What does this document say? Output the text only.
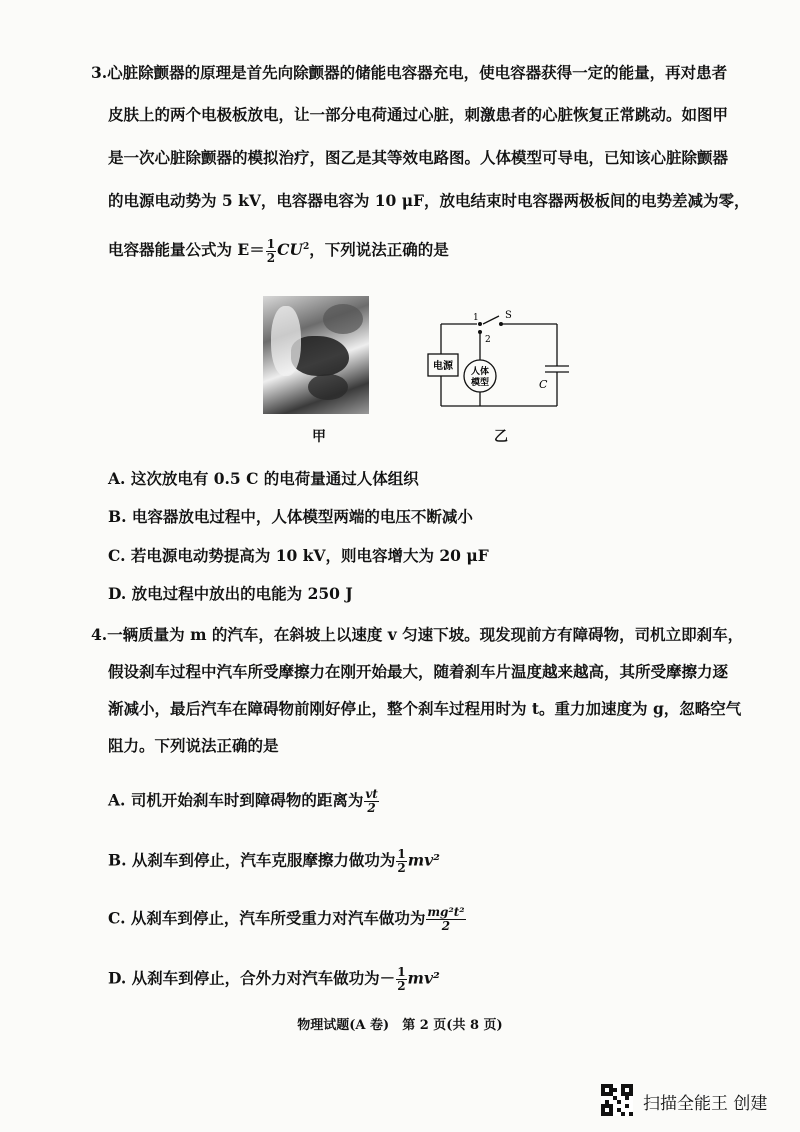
3.心脏除颤器的原理是首先向除颤器的储能电容器充电，使电容器获得一定的能量，再对患者
皮肤上的两个电极板放电，让一部分电荷通过心脏，刺激患者的心脏恢复正常跳动。如图甲
是一次心脏除颤器的模拟治疗，图乙是其等效电路图。人体模型可导电，已知该心脏除颤器
的电源电动势为 5 kV，电容器电容为 10 μF，放电结束时电容器两极板间的电势差减为零，
电容器能量公式为 $E= \frac{1}{2} CU^2$，下列说法正确的是
甲
电源 人体
模型	C
S
1
2
乙
A. 这次放电有 0.5 C 的电荷量通过人体组织
B. 电容器放电过程中，人体模型两端的电压不断减小
C. 若电源电动势提高为 10 kV，则电容增大为 20 μF
D. 放电过程中放出的电能为 250 J
4.一辆质量为 m 的汽车，在斜坡上以速度 v 匀速下坡。现发现前方有障碍物，司机立即刹车，
假设刹车过程中汽车所受摩擦力在刚开始最大，随着刹车片温度越来越高，其所受摩擦力逐
渐减小，最后汽车在障碍物前刚好停止，整个刹车过程用时为 t。重力加速度为 g，忽略空气
阻力。下列说法正确的是
A. 司机开始刹车时到障碍物的距离为 $\frac{vt}{2}$
B. 从刹车到停止，汽车克服摩擦力做功为 $\frac{1}{2} mv^2$
C. 从刹车到停止，汽车所受重力对汽车做功为 $\frac{\text{mg²t²}}{2}$
D. 从刹车到停止，合外力对汽车做功为－ $\frac{1}{2} mv^2$
物理试题(A 卷)　第 2 页(共 8 页)
扫描全能王 创建
